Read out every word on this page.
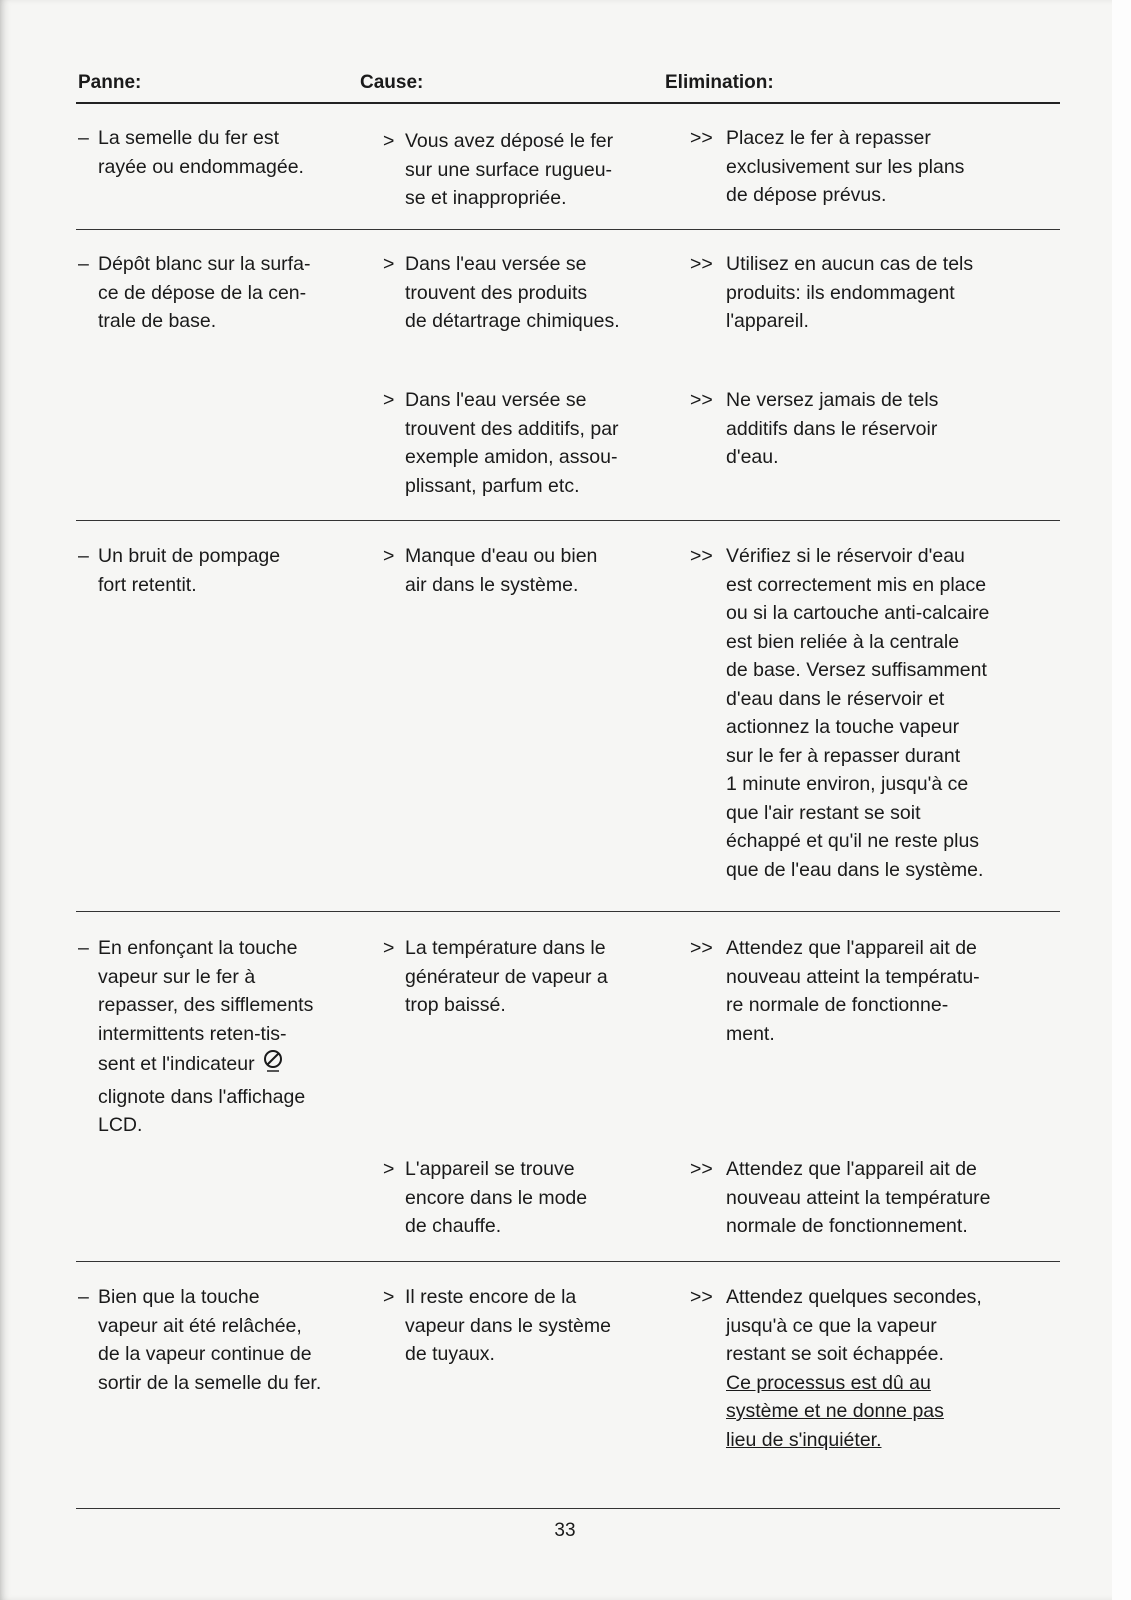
Panne:	Cause:	Elimination:
– La semelle du fer est
rayée ou endommagée.
> Vous avez déposé le fer
sur une surface rugueu-
se et inappropriée.
>> Placez le fer à repasser
exclusivement sur les plans
de dépose prévus.
– Dépôt blanc sur la surfa-
ce de dépose de la cen-
trale de base.
> Dans l'eau versée se
trouvent des produits
de détartrage chimiques.
>> Utilisez en aucun cas de tels
produits: ils endommagent
l'appareil.
> Dans l'eau versée se
trouvent des additifs, par
exemple amidon, assou-
plissant, parfum etc.
>> Ne versez jamais de tels
additifs dans le réservoir
d'eau.
– Un bruit de pompage
fort retentit.
> Manque d'eau ou bien
air dans le système.
>> Vérifiez si le réservoir d'eau
est correctement mis en place
ou si la cartouche anti-calcaire
est bien reliée à la centrale
de base. Versez suffisamment
d'eau dans le réservoir et
actionnez la touche vapeur
sur le fer à repasser durant
1 minute environ, jusqu'à ce
que l'air restant se soit
échappé et qu'il ne reste plus
que de l'eau dans le système.
– En enfonçant la touche
vapeur sur le fer à
repasser, des sifflements
intermittents reten-tis-
sent et l'indicateur
clignote dans l'affichage
LCD.
> La température dans le
générateur de vapeur a
trop baissé.
>> Attendez que l'appareil ait de
nouveau atteint la températu-
re normale de fonctionne-
ment.
> L'appareil se trouve
encore dans le mode
de chauffe.
>> Attendez que l'appareil ait de
nouveau atteint la température
normale de fonctionnement.
– Bien que la touche
vapeur ait été relâchée,
de la vapeur continue de
sortir de la semelle du fer.
> Il reste encore de la
vapeur dans le système
de tuyaux.
>> Attendez quelques secondes,
jusqu'à ce que la vapeur
restant se soit échappée.
Ce processus est dû au
système et ne donne pas
lieu de s'inquiéter.
33
